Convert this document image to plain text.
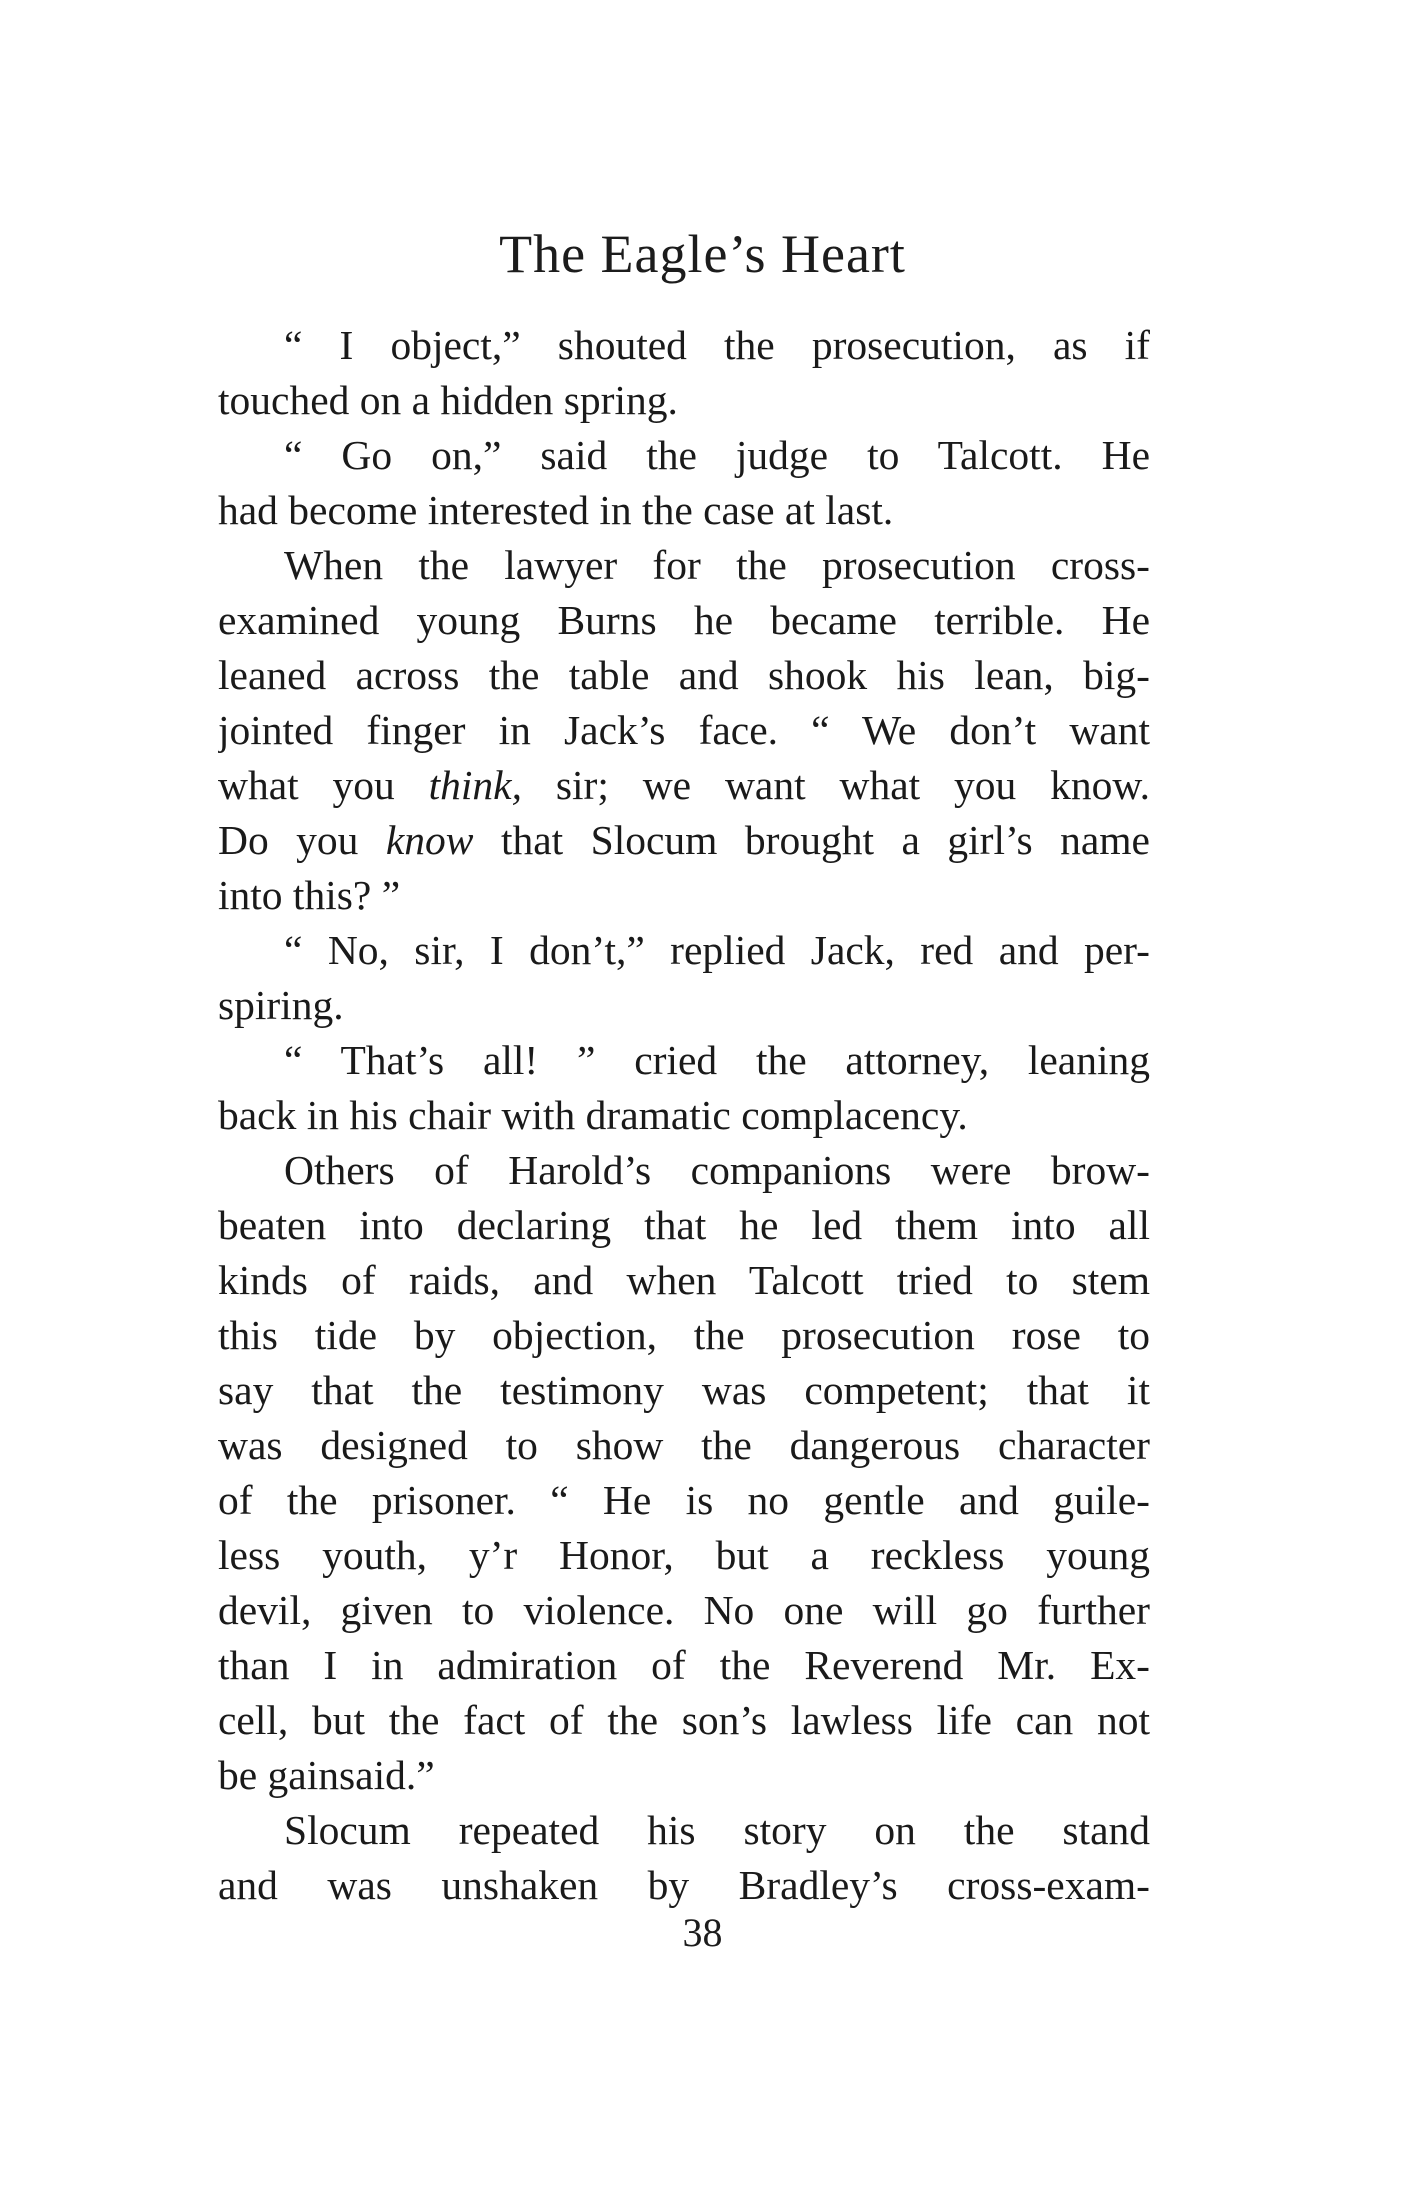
The Eagle’s Heart
“ I object,” shouted the prosecution, as if
touched on a hidden spring.
“ Go on,” said the judge to Talcott. He
had become interested in the case at last.
When the lawyer for the prosecution cross-
examined young Burns he became terrible. He
leaned across the table and shook his lean, big-
jointed finger in Jack’s face. “ We don’t want
what you think, sir; we want what you know.
Do you know that Slocum brought a girl’s name
into this? ”
“ No, sir, I don’t,” replied Jack, red and per-
spiring.
“ That’s all! ” cried the attorney, leaning
back in his chair with dramatic complacency.
Others of Harold’s companions were brow-
beaten into declaring that he led them into all
kinds of raids, and when Talcott tried to stem
this tide by objection, the prosecution rose to
say that the testimony was competent; that it
was designed to show the dangerous character
of the prisoner. “ He is no gentle and guile-
less youth, y’r Honor, but a reckless young
devil, given to violence. No one will go further
than I in admiration of the Reverend Mr. Ex-
cell, but the fact of the son’s lawless life can not
be gainsaid.”
Slocum repeated his story on the stand
and was unshaken by Bradley’s cross-exam-
38
